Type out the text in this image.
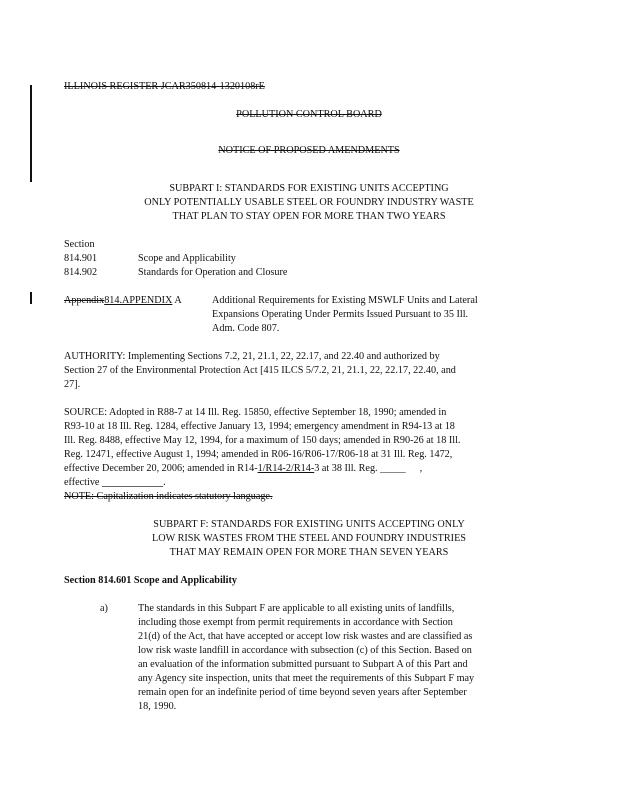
ILLINOIS REGISTER JCAR350814-1320108rE
POLLUTION CONTROL BOARD
NOTICE OF PROPOSED AMENDMENTS
SUBPART I: STANDARDS FOR EXISTING UNITS ACCEPTING
ONLY POTENTIALLY USABLE STEEL OR FOUNDRY INDUSTRY WASTE
THAT PLAN TO STAY OPEN FOR MORE THAN TWO YEARS
Section
814.901	Scope and Applicability
814.902	Standards for Operation and Closure
Appendix814.APPENDIX A	Additional Requirements for Existing MSWLF Units and Lateral
Expansions Operating Under Permits Issued Pursuant to 35 Ill.
Adm. Code 807.
AUTHORITY: Implementing Sections 7.2, 21, 21.1, 22, 22.17, and 22.40 and authorized by
Section 27 of the Environmental Protection Act [415 ILCS 5/7.2, 21, 21.1, 22, 22.17, 22.40, and
27].
SOURCE: Adopted in R88-7 at 14 Ill. Reg. 15850, effective September 18, 1990; amended in
R93-10 at 18 Ill. Reg. 1284, effective January 13, 1994; emergency amendment in R94-13 at 18
Ill. Reg. 8488, effective May 12, 1994, for a maximum of 150 days; amended in R90-26 at 18 Ill.
Reg. 12471, effective August 1, 1994; amended in R06-16/R06-17/R06-18 at 31 Ill. Reg. 1472,
effective December 20, 2006; amended in R14-1/R14-2/R14-3 at 38 Ill. Reg. _____ ,
effective ____________.
NOTE: Capitalization indicates statutory language.
SUBPART F: STANDARDS FOR EXISTING UNITS ACCEPTING ONLY
LOW RISK WASTES FROM THE STEEL AND FOUNDRY INDUSTRIES
THAT MAY REMAIN OPEN FOR MORE THAN SEVEN YEARS
Section 814.601 Scope and Applicability
a)	The standards in this Subpart F are applicable to all existing units of landfills,
including those exempt from permit requirements in accordance with Section
21(d) of the Act, that have accepted or accept low risk wastes and are classified as
low risk waste landfill in accordance with subsection (c) of this Section. Based on
an evaluation of the information submitted pursuant to Subpart A of this Part and
any Agency site inspection, units that meet the requirements of this Subpart F may
remain open for an indefinite period of time beyond seven years after September
18, 1990.
